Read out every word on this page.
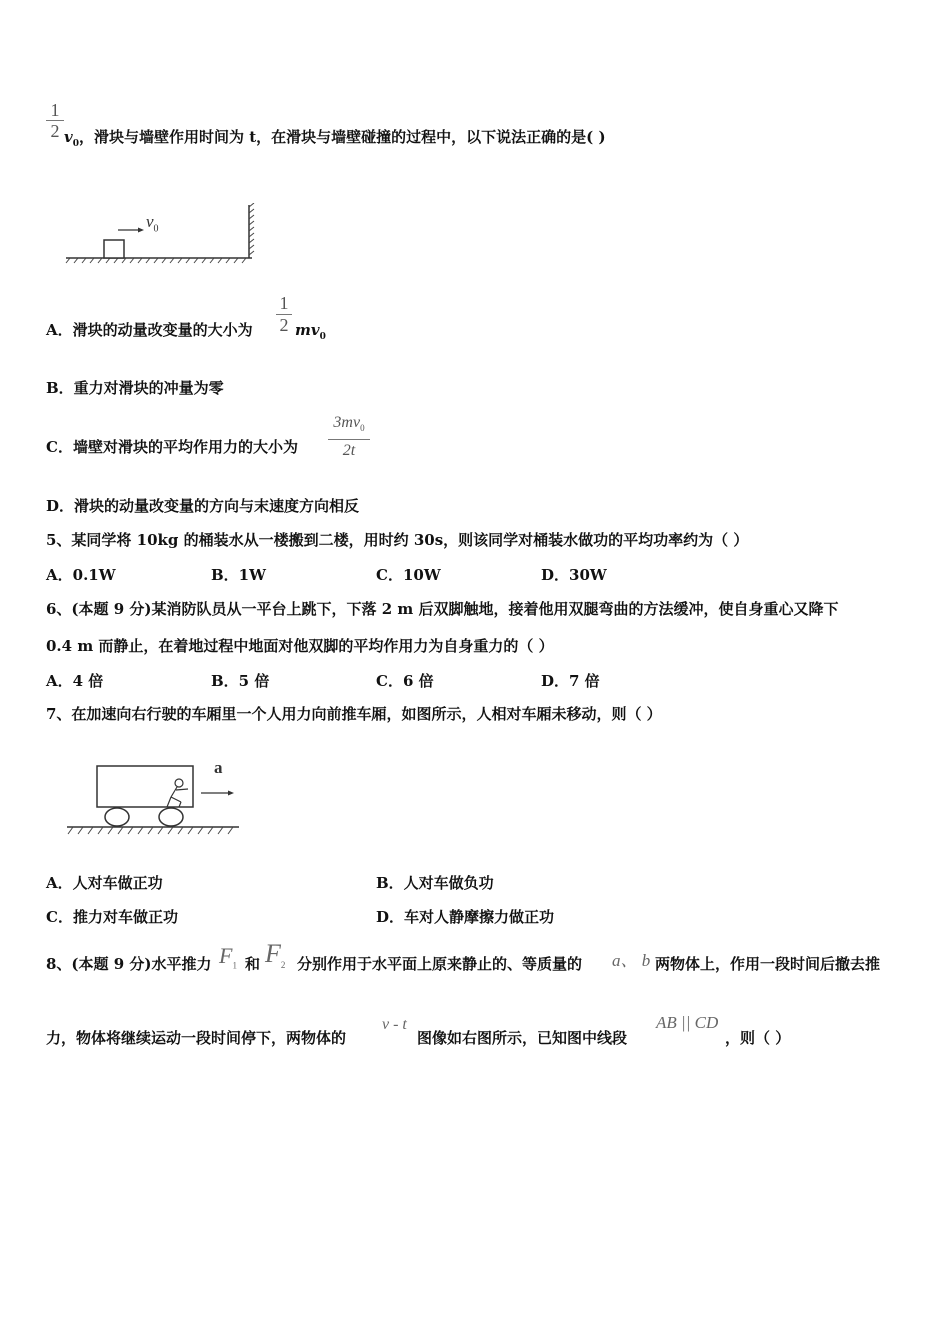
$\frac{1}{2} v_0$，滑块与墙壁作用时间为 t，在滑块与墙壁碰撞的过程中，以下说法正确的是( )
$v_0$
A．滑块的动量改变量的大小为 $\frac{1}{2} mv_0$
B．重力对滑块的冲量为零
C．墙壁对滑块的平均作用力的大小为 $\frac{3mv_0}{2t}$
D．滑块的动量改变量的方向与末速度方向相反
5、某同学将 10kg 的桶装水从一楼搬到二楼，用时约 30s，则该同学对桶装水做功的平均功率约为（ ）
A．0.1W	B．1W	C．10W	D．30W
6、(本题 9 分)某消防队员从一平台上跳下，下落 2 m 后双脚触地，接着他用双腿弯曲的方法缓冲，使自身重心又降下
0.4 m 而静止，在着地过程中地面对他双脚的平均作用力为自身重力的（ ）
A．4 倍	B．5 倍	C．6 倍	D．7 倍
7、在加速向右行驶的车厢里一个人用力向前推车厢，如图所示，人相对车厢未移动，则（ ）
a
A．人对车做正功	B．人对车做负功
C．推力对车做正功	D．车对人静摩擦力做正功
8、(本题 9 分)水平推力 $F_1$ 和 $F_2$ 分别作用于水平面上原来静止的、等质量的 a、 b 两物体上，作用一段时间后撤去推
力，物体将继续运动一段时间停下，两物体的
v - t
图像如右图所示，已知图中线段
AB || CD
，则（ ）
